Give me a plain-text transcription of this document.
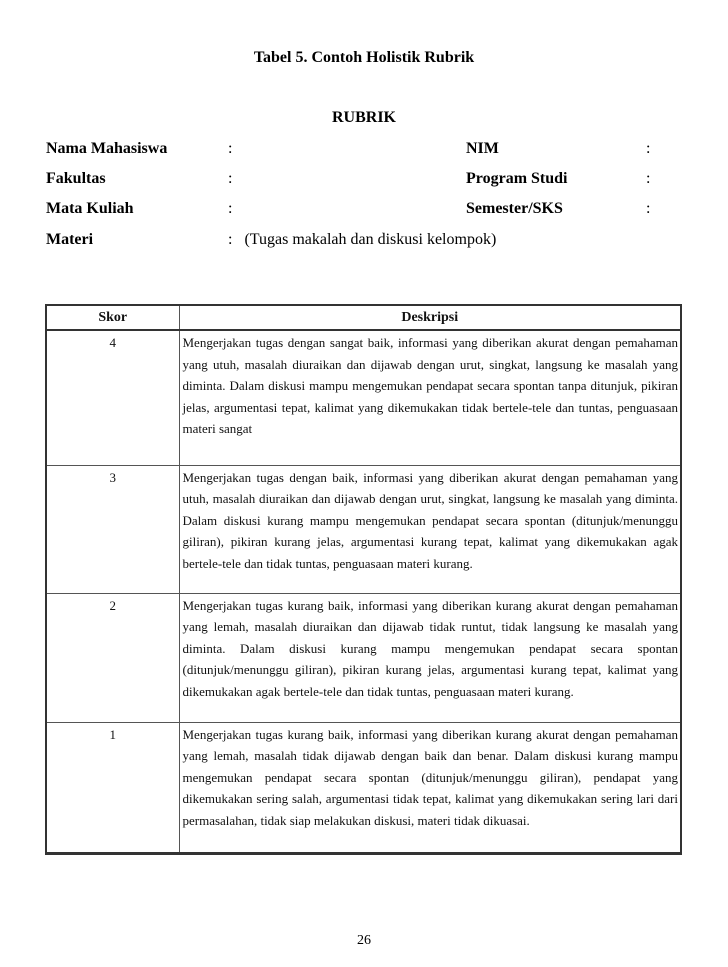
Tabel 5. Contoh Holistik Rubrik
RUBRIK
Nama Mahasiswa	:	NIM	:
Fakultas	:	Program Studi	:
Mata Kuliah	:	Semester/SKS	:
Materi	:   (Tugas makalah dan diskusi kelompok)
Skor	Deskripsi
4	Mengerjakan tugas dengan sangat baik, informasi yang diberikan akurat dengan pemahaman yang utuh, masalah diuraikan dan dijawab dengan urut, singkat, langsung ke masalah yang diminta. Dalam diskusi mampu mengemukan pendapat secara spontan tanpa ditunjuk, pikiran jelas, argumentasi tepat, kalimat yang dikemukakan tidak bertele-tele dan tuntas, penguasaan materi sangat
3	Mengerjakan tugas dengan baik, informasi yang diberikan akurat dengan pemahaman yang utuh, masalah diuraikan dan dijawab dengan urut, singkat, langsung ke masalah yang diminta. Dalam diskusi kurang mampu mengemukan pendapat secara spontan (ditunjuk/menunggu giliran), pikiran kurang jelas, argumentasi kurang tepat, kalimat yang dikemukakan agak bertele-tele dan tidak tuntas, penguasaan materi kurang.
2	Mengerjakan tugas kurang baik, informasi yang diberikan kurang akurat dengan pemahaman yang lemah, masalah diuraikan dan dijawab tidak runtut, tidak langsung ke masalah yang diminta. Dalam diskusi kurang mampu mengemukan pendapat secara spontan (ditunjuk/menunggu giliran), pikiran kurang jelas, argumentasi kurang tepat, kalimat yang dikemukakan agak bertele-tele dan tidak tuntas, penguasaan materi kurang.
1	Mengerjakan tugas kurang baik, informasi yang diberikan kurang akurat dengan pemahaman yang lemah, masalah tidak dijawab dengan baik dan benar. Dalam diskusi kurang mampu mengemukan pendapat secara spontan (ditunjuk/menunggu giliran), pendapat yang dikemukakan sering salah, argumentasi tidak tepat, kalimat yang dikemukakan sering lari dari permasalahan, tidak siap melakukan diskusi, materi tidak dikuasai.
26
